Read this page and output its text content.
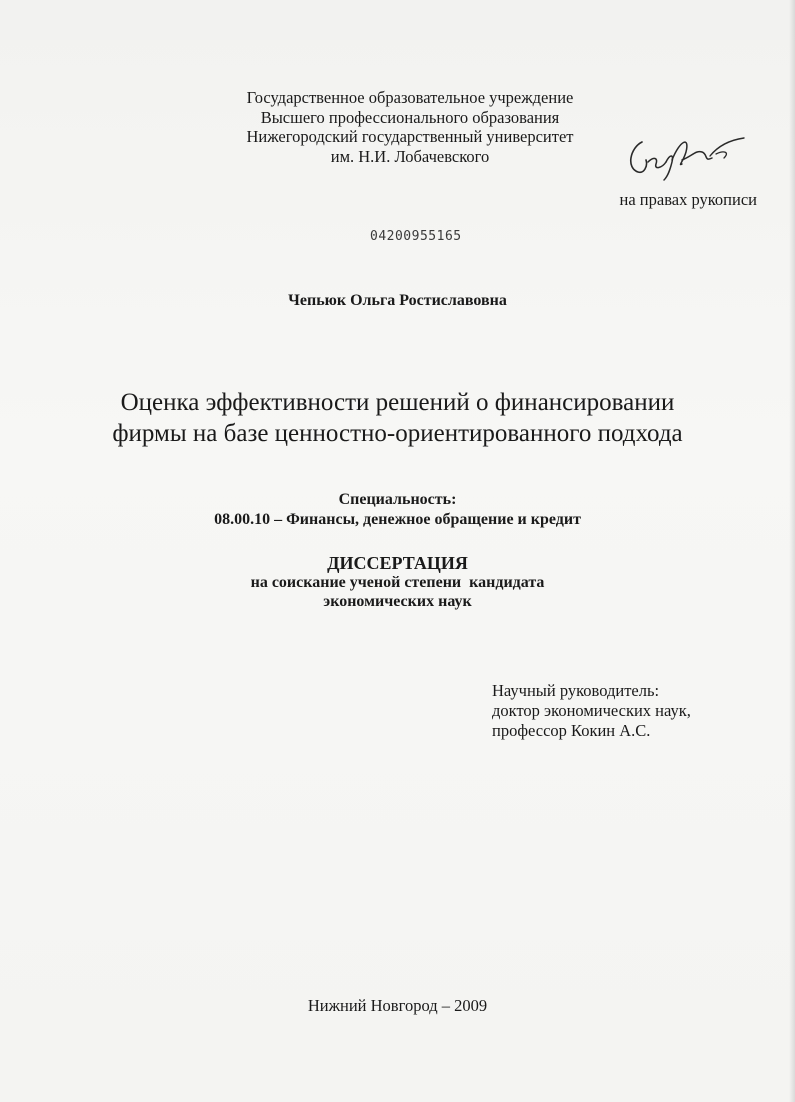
Государственное образовательное учреждение
Высшего профессионального образования
Нижегородский государственный университет
им. Н.И. Лобачевского
на правах рукописи
04200955165
Чепьюк Ольга Ростиславовна
Оценка эффективности решений о финансировании
фирмы на базе ценностно-ориентированного подхода
Специальность:
08.00.10 – Финансы, денежное обращение и кредит
ДИССЕРТАЦИЯ
на соискание ученой степени  кандидата
экономических наук
Научный руководитель:
доктор экономических наук,
профессор Кокин А.С.
Нижний Новгород – 2009
